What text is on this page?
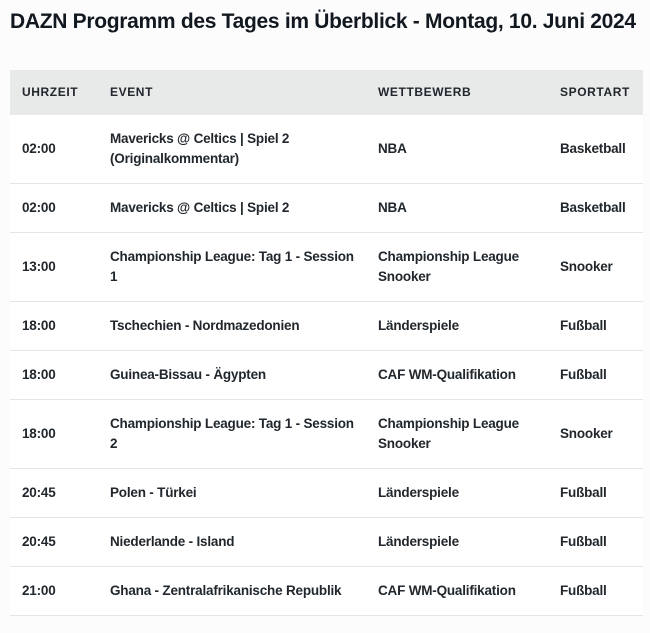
DAZN Programm des Tages im Überblick - Montag, 10. Juni 2024
UHRZEIT	EVENT	WETTBEWERB	SPORTART
02:00	Mavericks @ Celtics | Spiel 2 (Originalkommentar)	NBA	Basketball
02:00	Mavericks @ Celtics | Spiel 2	NBA	Basketball
13:00	Championship League: Tag 1 - Session 1	Championship League Snooker	Snooker
18:00	Tschechien - Nordmazedonien	Länderspiele	Fußball
18:00	Guinea-Bissau - Ägypten	CAF WM-Qualifikation	Fußball
18:00	Championship League: Tag 1 - Session 2	Championship League Snooker	Snooker
20:45	Polen - Türkei	Länderspiele	Fußball
20:45	Niederlande - Island	Länderspiele	Fußball
21:00	Ghana - Zentralafrikanische Republik	CAF WM-Qualifikation	Fußball
